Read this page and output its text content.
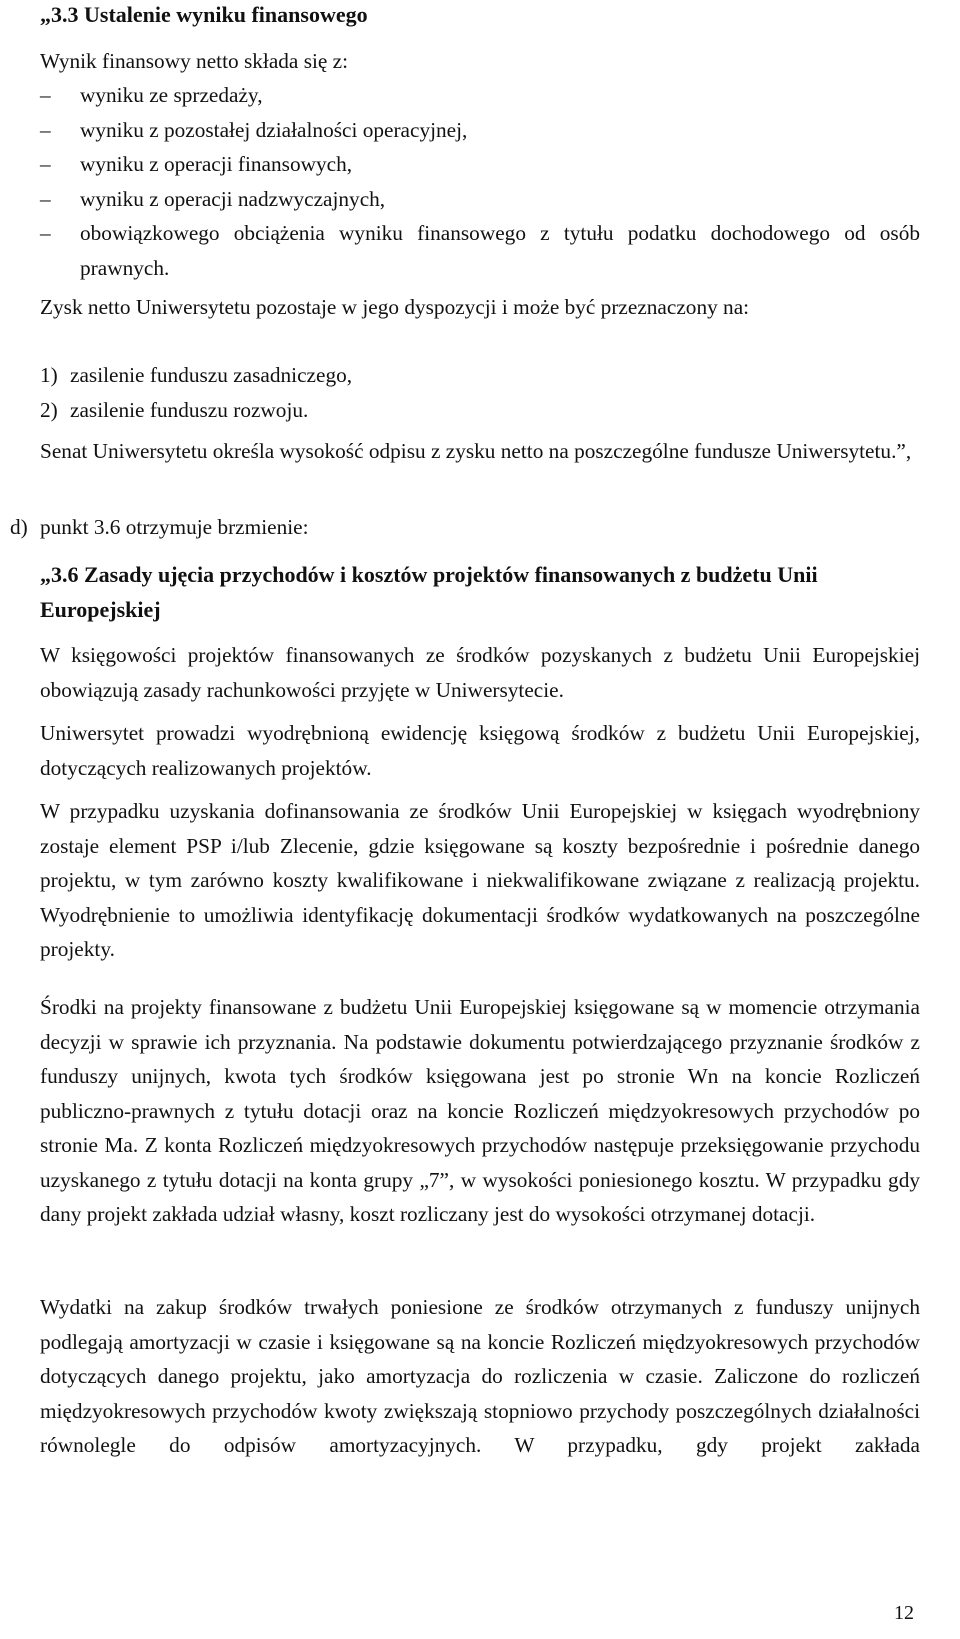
„3.3 Ustalenie wyniku finansowego
Wynik finansowy netto składa się z:
– wyniku ze sprzedaży,
– wyniku z pozostałej działalności operacyjnej,
– wyniku z operacji finansowych,
– wyniku z operacji nadzwyczajnych,
– obowiązkowego obciążenia wyniku finansowego z tytułu podatku dochodowego od osób prawnych.
Zysk netto Uniwersytetu pozostaje w jego dyspozycji i może być przeznaczony na:
1) zasilenie funduszu zasadniczego,
2) zasilenie funduszu rozwoju.
Senat Uniwersytetu określa wysokość odpisu z zysku netto na poszczególne fundusze Uniwersytetu.”,
d) punkt 3.6 otrzymuje brzmienie:
„3.6 Zasady ujęcia przychodów i kosztów projektów finansowanych z budżetu Unii Europejskiej
W księgowości projektów finansowanych ze środków pozyskanych z budżetu Unii Europejskiej obowiązują zasady rachunkowości przyjęte w Uniwersytecie.
Uniwersytet prowadzi wyodrębnioną ewidencję księgową środków z budżetu Unii Europejskiej, dotyczących realizowanych projektów.
W przypadku uzyskania dofinansowania ze środków Unii Europejskiej w księgach wyodrębniony zostaje element PSP i/lub Zlecenie, gdzie księgowane są koszty bezpośrednie i pośrednie danego projektu, w tym zarówno koszty kwalifikowane i niekwalifikowane związane z realizacją projektu. Wyodrębnienie to umożliwia identyfikację dokumentacji środków wydatkowanych na poszczególne projekty.
Środki na projekty finansowane z budżetu Unii Europejskiej księgowane są w momencie otrzymania decyzji w sprawie ich przyznania. Na podstawie dokumentu potwierdzającego przyznanie środków z funduszy unijnych, kwota tych środków księgowana jest po stronie Wn na koncie Rozliczeń publiczno-prawnych z tytułu dotacji oraz na koncie Rozliczeń międzyokresowych przychodów po stronie Ma. Z konta Rozliczeń międzyokresowych przychodów następuje przeksięgowanie przychodu uzyskanego z tytułu dotacji na konta grupy „7”, w wysokości poniesionego kosztu. W przypadku gdy dany projekt zakłada udział własny, koszt rozliczany jest do wysokości otrzymanej dotacji.
Wydatki na zakup środków trwałych poniesione ze środków otrzymanych z funduszy unijnych podlegają amortyzacji w czasie i księgowane są na koncie Rozliczeń międzyokresowych przychodów dotyczących danego projektu, jako amortyzacja do rozliczenia w czasie. Zaliczone do rozliczeń międzyokresowych przychodów kwoty zwiększają stopniowo przychody poszczególnych działalności równolegle do odpisów amortyzacyjnych. W przypadku, gdy projekt zakłada
12
